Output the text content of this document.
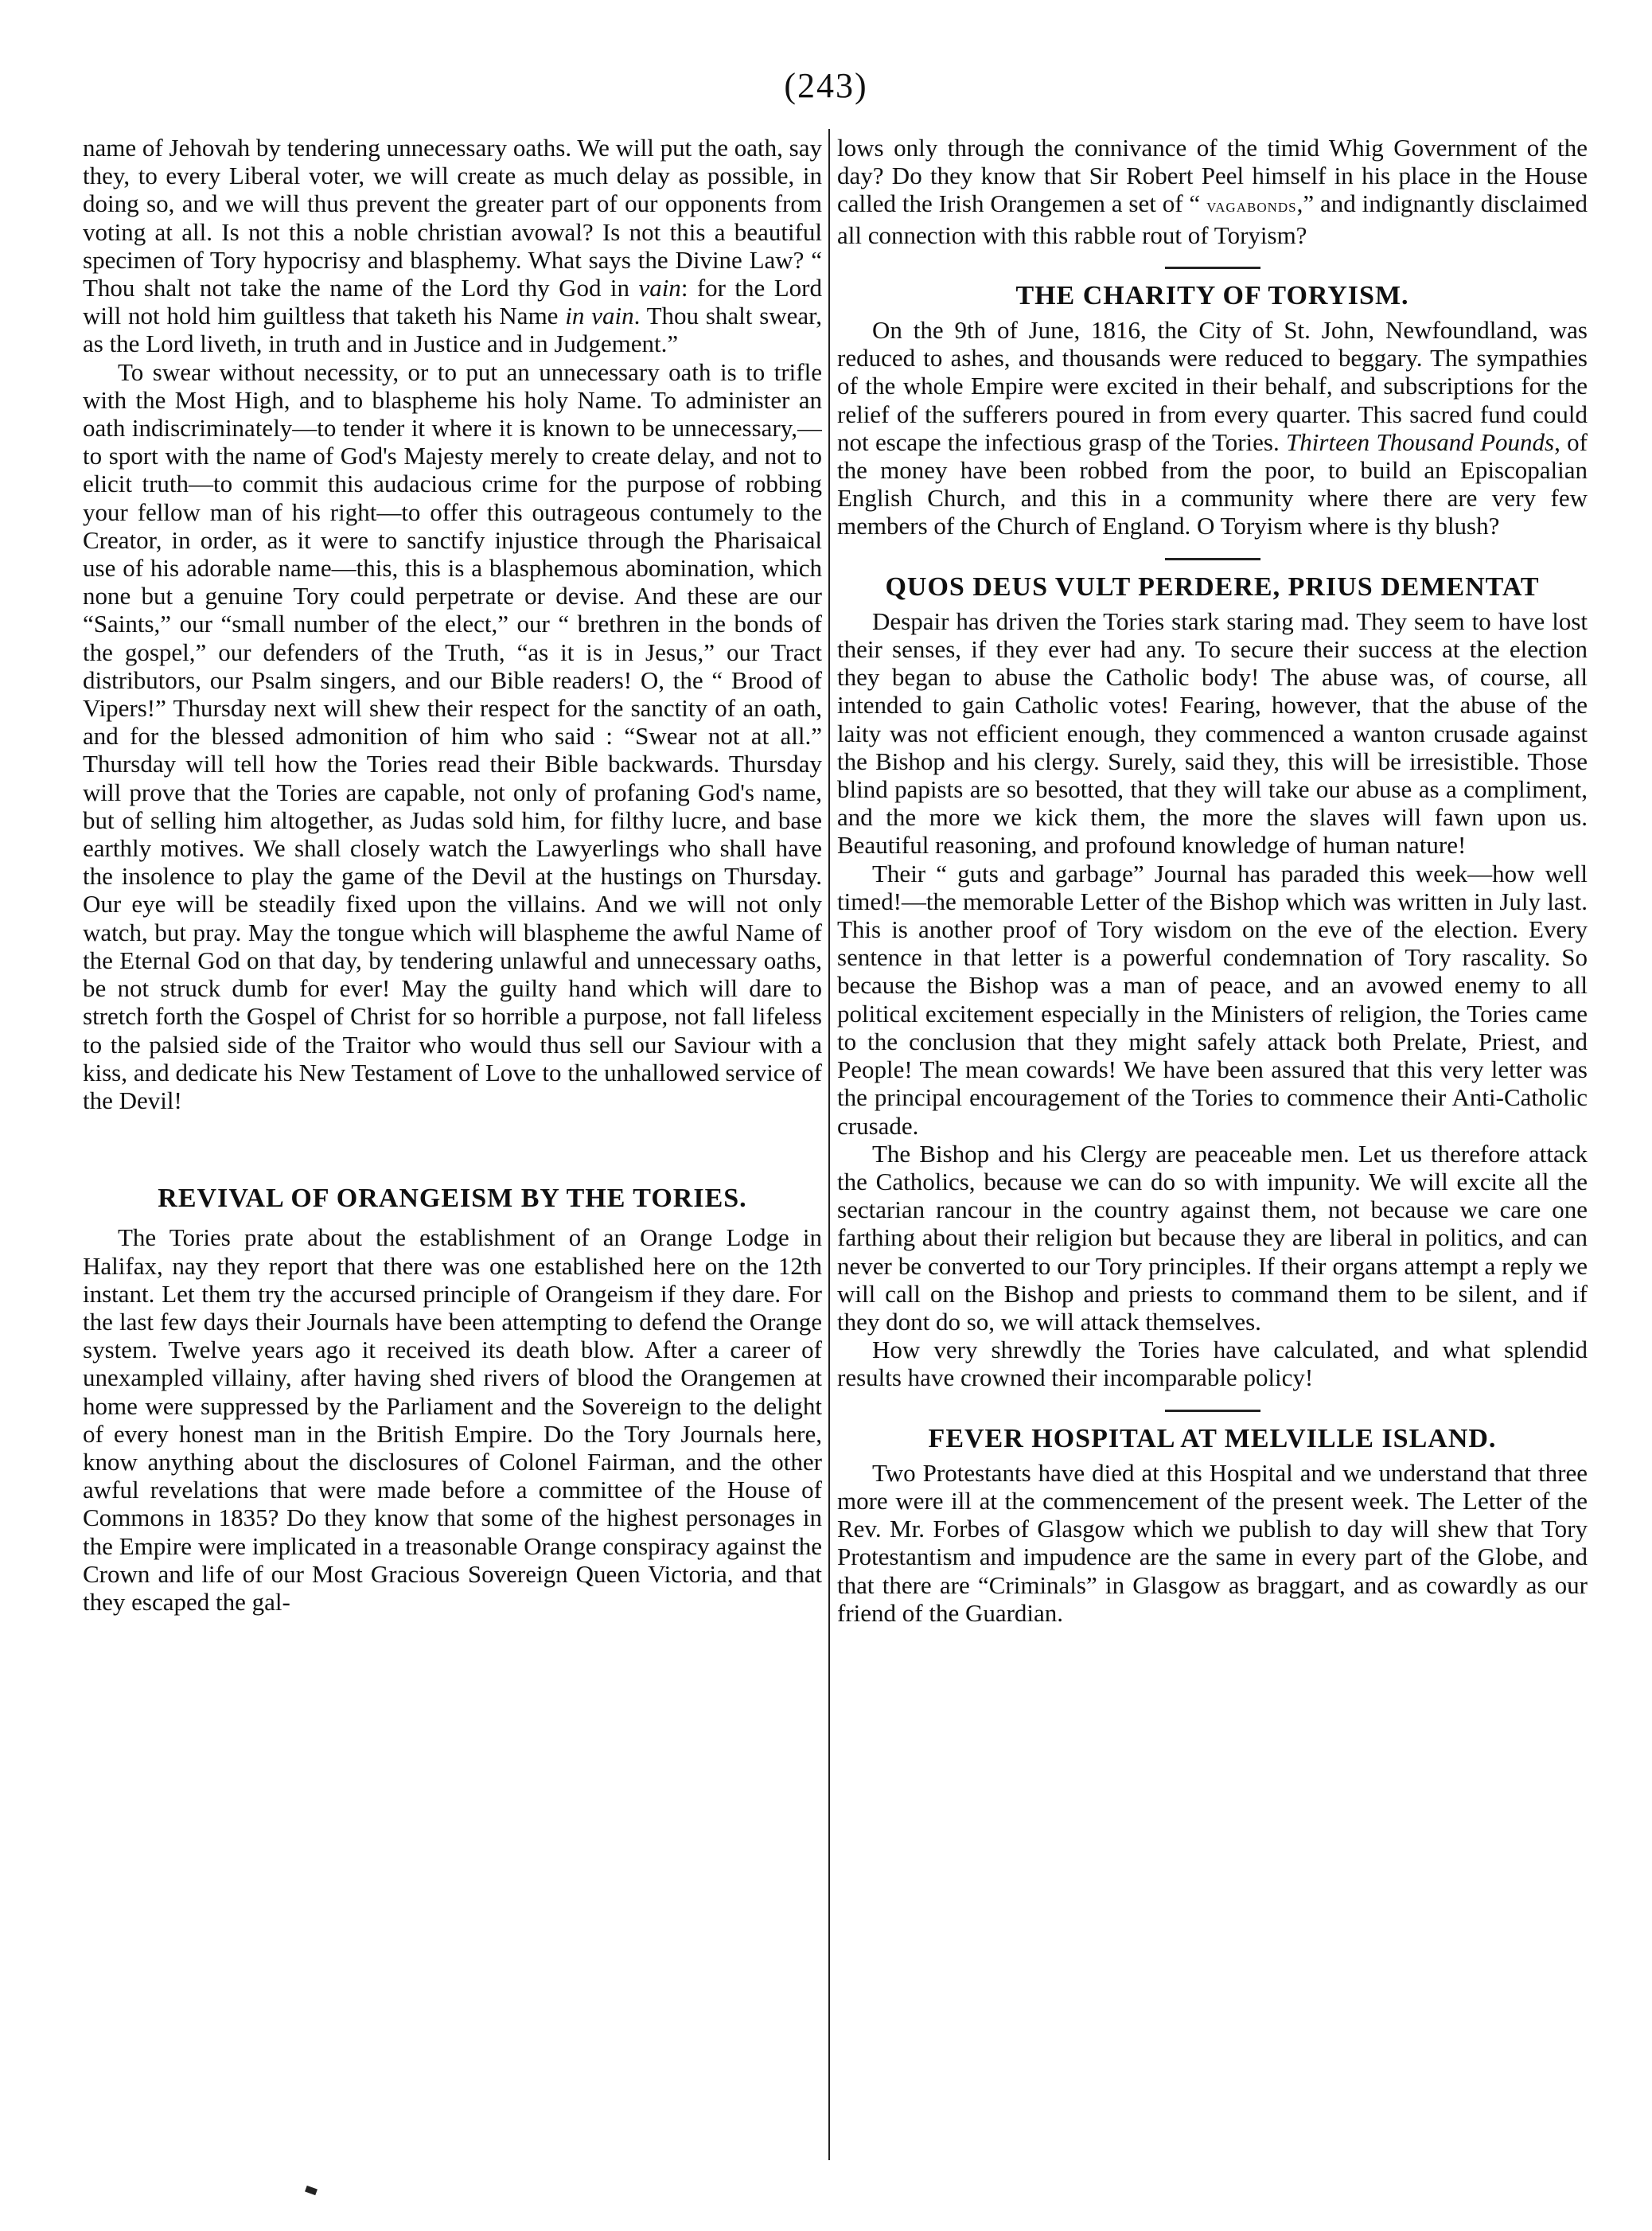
(243)

name of Jehovah by tendering unnecessary oaths. We will put the oath, say they, to every Liberal voter, we will create as much delay as possible, in doing so, and we will thus prevent the greater part of our opponents from voting at all. Is not this a noble christian avowal? Is not this a beautiful specimen of Tory hypocrisy and blasphemy. What says the Divine Law? “ Thou shalt not take the name of the Lord thy God in vain: for the Lord will not hold him guiltless that taketh his Name in vain. Thou shalt swear, as the Lord liveth, in truth and in Justice and in Judgement.”

To swear without necessity, or to put an unnecessary oath is to trifle with the Most High, and to blaspheme his holy Name. To administer an oath indiscriminately—to tender it where it is known to be unnecessary,—to sport with the name of God's Majesty merely to create delay, and not to elicit truth—to commit this audacious crime for the purpose of robbing your fellow man of his right—to offer this outrageous contumely to the Creator, in order, as it were to sanctify injustice through the Pharisaical use of his adorable name—this, this is a blasphemous abomination, which none but a genuine Tory could perpetrate or devise. And these are our “Saints,” our “small number of the elect,” our “ brethren in the bonds of the gospel,” our defenders of the Truth, “as it is in Jesus,” our Tract distributors, our Psalm singers, and our Bible readers! O, the “ Brood of Vipers!” Thursday next will shew their respect for the sanctity of an oath, and for the blessed admonition of him who said : “Swear not at all.” Thursday will tell how the Tories read their Bible backwards. Thursday will prove that the Tories are capable, not only of profaning God's name, but of selling him altogether, as Judas sold him, for filthy lucre, and base earthly motives. We shall closely watch the Lawyerlings who shall have the insolence to play the game of the Devil at the hustings on Thursday. Our eye will be steadily fixed upon the villains. And we will not only watch, but pray. May the tongue which will blaspheme the awful Name of the Eternal God on that day, by tendering unlawful and unnecessary oaths, be not struck dumb for ever! May the guilty hand which will dare to stretch forth the Gospel of Christ for so horrible a purpose, not fall lifeless to the palsied side of the Traitor who would thus sell our Saviour with a kiss, and dedicate his New Testament of Love to the unhallowed service of the Devil!

REVIVAL OF ORANGEISM BY THE TORIES.

The Tories prate about the establishment of an Orange Lodge in Halifax, nay they report that there was one established here on the 12th instant. Let them try the accursed principle of Orangeism if they dare. For the last few days their Journals have been attempting to defend the Orange system. Twelve years ago it received its death blow. After a career of unexampled villainy, after having shed rivers of blood the Orangemen at home were suppressed by the Parliament and the Sovereign to the delight of every honest man in the British Empire. Do the Tory Journals here, know anything about the disclosures of Colonel Fairman, and the other awful revelations that were made before a committee of the House of Commons in 1835? Do they know that some of the highest personages in the Empire were implicated in a treasonable Orange conspiracy against the Crown and life of our Most Gracious Sovereign Queen Victoria, and that they escaped the gal-

lows only through the connivance of the timid Whig Government of the day? Do they know that Sir Robert Peel himself in his place in the House called the Irish Orangemen a set of “ vagabonds,” and indignantly disclaimed all connection with this rabble rout of Toryism?

THE CHARITY OF TORYISM.

On the 9th of June, 1816, the City of St. John, Newfoundland, was reduced to ashes, and thousands were reduced to beggary. The sympathies of the whole Empire were excited in their behalf, and subscriptions for the relief of the sufferers poured in from every quarter. This sacred fund could not escape the infectious grasp of the Tories. Thirteen Thousand Pounds, of the money have been robbed from the poor, to build an Episcopalian English Church, and this in a community where there are very few members of the Church of England. O Toryism where is thy blush?

QUOS DEUS VULT PERDERE, PRIUS DEMENTAT

Despair has driven the Tories stark staring mad. They seem to have lost their senses, if they ever had any. To secure their success at the election they began to abuse the Catholic body! The abuse was, of course, all intended to gain Catholic votes! Fearing, however, that the abuse of the laity was not efficient enough, they commenced a wanton crusade against the Bishop and his clergy. Surely, said they, this will be irresistible. Those blind papists are so besotted, that they will take our abuse as a compliment, and the more we kick them, the more the slaves will fawn upon us. Beautiful reasoning, and profound knowledge of human nature!

Their “ guts and garbage” Journal has paraded this week—how well timed!—the memorable Letter of the Bishop which was written in July last. This is another proof of Tory wisdom on the eve of the election. Every sentence in that letter is a powerful condemnation of Tory rascality. So because the Bishop was a man of peace, and an avowed enemy to all political excitement especially in the Ministers of religion, the Tories came to the conclusion that they might safely attack both Prelate, Priest, and People! The mean cowards! We have been assured that this very letter was the principal encouragement of the Tories to commence their Anti-Catholic crusade.

The Bishop and his Clergy are peaceable men. Let us therefore attack the Catholics, because we can do so with impunity. We will excite all the sectarian rancour in the country against them, not because we care one farthing about their religion but because they are liberal in politics, and can never be converted to our Tory principles. If their organs attempt a reply we will call on the Bishop and priests to command them to be silent, and if they dont do so, we will attack themselves.

How very shrewdly the Tories have calculated, and what splendid results have crowned their incomparable policy!

FEVER HOSPITAL AT MELVILLE ISLAND.

Two Protestants have died at this Hospital and we understand that three more were ill at the commencement of the present week. The Letter of the Rev. Mr. Forbes of Glasgow which we publish to day will shew that Tory Protestantism and impudence are the same in every part of the Globe, and that there are “Criminals” in Glasgow as braggart, and as cowardly as our friend of the Guardian.
